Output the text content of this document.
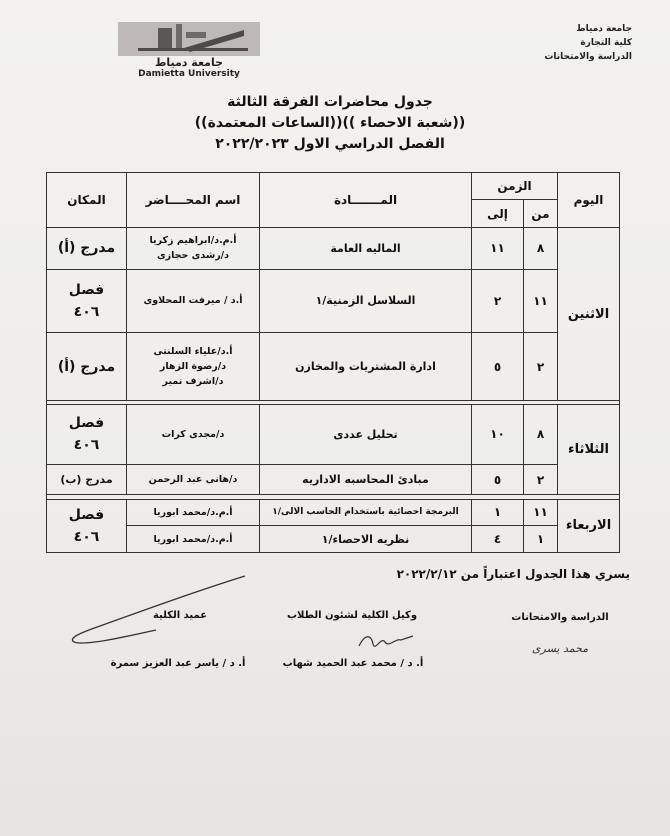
جامعة دمياط
كلية التجارة
الدراسة والامتحانات
جامعة دمياط
Damietta University
جدول محاضرات الفرقة الثالثة
((شعبة الاحصاء ))((الساعات المعتمدة))
الفصل الدراسي الاول ٢٠٢٢/٢٠٢٣
اليوم	الزمن		المـــــــادة	اسم المحــــاضر	المكان
	من	إلى			
الاثنين	٨	١١	الماليه العامة	أ.م.د/ابراهيم زكريا
د/رشدى حجازى	مدرج (أ)

	١١	٢	السلاسل الزمنية/١	أ.د / ميرفت المحلاوى	فصل
٤٠٦

	٢	٥	ادارة المشتريات والمخازن	أ.د/علياء السلنتى
د/رضوة الزهار
د/اشرف نمير	مدرج (أ)

الثلاثاء	٨	١٠	تحليل عددى	د/مجدى كرات	فصل
٤٠٦

	٢	٥	مبادئ المحاسبه الاداريه	د/هانى عبد الرحمن	مدرج (ب)

الاربعاء	١١	١	البرمجة احصائية باستخدام الحاسب الالى/١	أ.م.د/محمد ابوريا	فصل
٤٠٦

	١	٤	نظريه الاحصاء/١	أ.م.د/محمد ابوريا	
يسري هذا الجدول اعتباراً من ٢٠٢٢/٢/١٢
عميد الكلية	وكيل الكلية لشئون الطلاب	الدراسة والامتحانات
محمد يسرى
أ. د / ياسر عبد العزيز سمرة	أ. د / محمد عبد الحميد شهاب
